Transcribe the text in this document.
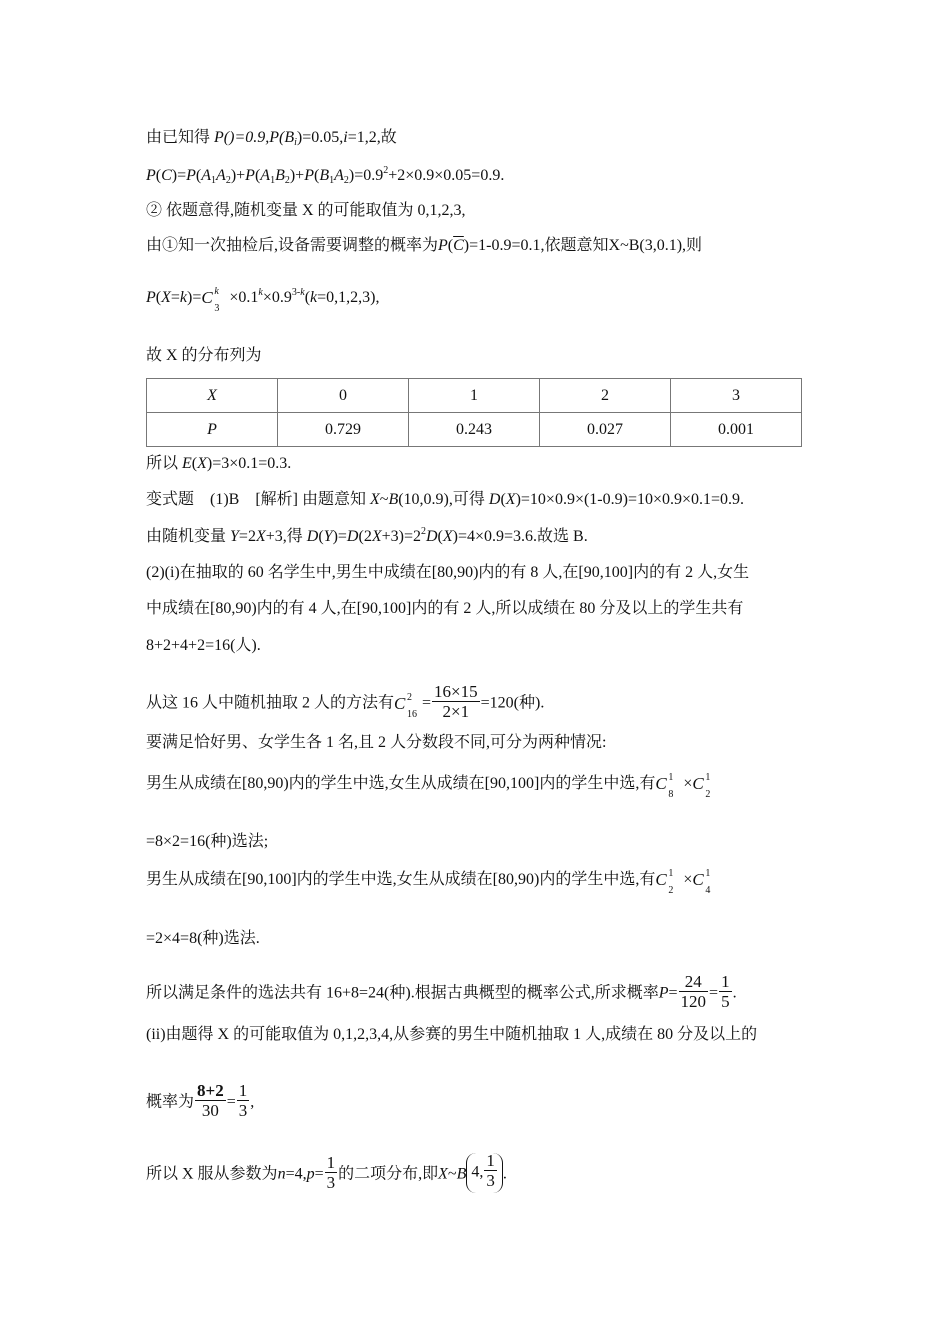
由已知得 $P()=0.9,P(B_i)=0.05,i=1,2$,故
$P(C)=P(A_1A_2)+P(A_1B_2)+P(B_1A_2)=0.9^2+2\times 0.9\times 0.05=0.9$.
② 依题意得,随机变量 X 的可能取值为 0,1,2,3,
由①知一次抽检后,设备需要调整的概率为$P(\overline{C})=1-0.9=0.1$,依题意知X~B(3,0.1),则
P(X=k)= C k
3
$\times 0.1^k\times 0.9^{3-k}(k=0,1,2,3)$,
故 X 的分布列为
X	0	1	2	3
P	0.729	0.243	0.027	0.001
所以 E(X)=3×0.1=0.3.
变式题    (1)B    [解析] 由题意知 X~B(10,0.9),可得 D(X)=10×0.9×(1-0.9)=10×0.9×0.1=0.9.
由随机变量 Y=2X+3,得 $D(Y)=D(2X+3)=2^2D(X)=4\times 0.9=3.6$.故选 B.
(2)(i)在抽取的 60 名学生中,男生中成绩在[80,90)内的有 8 人,在[90,100]内的有 2 人,女生
中成绩在[80,90)内的有 4 人,在[90,100]内的有 2 人,所以成绩在 80 分及以上的学生共有
8+2+4+2=16(人).
从这 16 人中随机抽取 2 人的方法有 C 2
16
= $\frac{16\times 15}{2\times 1} =120$(种).
要满足恰好男、女学生各 1 名,且 2 人分数段不同,可分为两种情况:
男生从成绩在[80,90)内的学生中选,女生从成绩在[90,100]内的学生中选,有 C 1
8
× C 1
2
=8×2=16(种)选法;
男生从成绩在[90,100]内的学生中选,女生从成绩在[80,90)内的学生中选,有 C 1
2
× C 1
4
=2×4=8(种)选法.
所以满足条件的选法共有 16+8=24(种).根据古典概型的概率公式,所求概率$P= \frac{24}{120} = \frac{1}{5}$ .
(ii)由题得 X 的可能取值为 0,1,2,3,4,从参赛的男生中随机抽取 1 人,成绩在 80 分及以上的
概率为 $\frac{8+2}{30} = \frac{1}{3}$ ,
所以 X 服从参数为$n=4,p= \frac{1}{3}$ 的二项分布,即X~B 4, $\frac{1}{3}$ .
